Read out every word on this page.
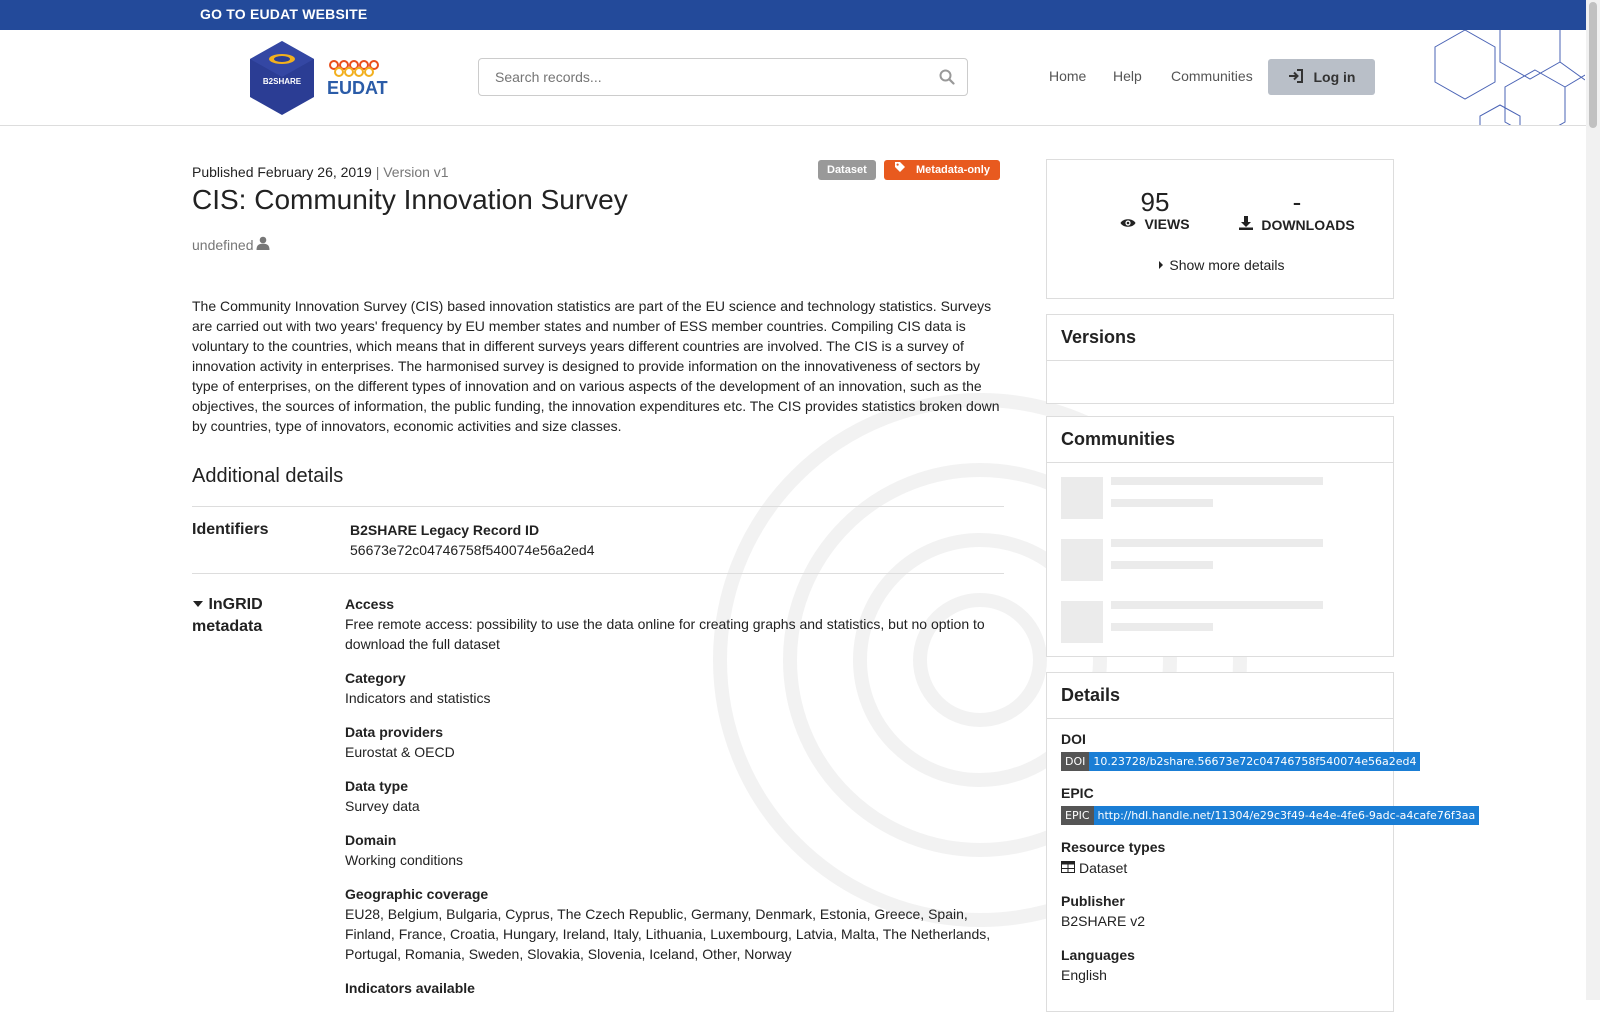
GO TO EUDAT WEBSITE
B2SHARE EUDAT
Search records...
Home Help Communities	Log in
Published February 26, 2019 | Version v1	Dataset	Metadata-only
CIS: Community Innovation Survey
undefined

The Community Innovation Survey (CIS) based innovation statistics are part of the EU science and technology statistics. Surveys are carried out with two years' frequency by EU member states and number of ESS member countries. Compiling CIS data is voluntary to the countries, which means that in different surveys years different countries are involved. The CIS is a survey of innovation activity in enterprises. The harmonised survey is designed to provide information on the innovativeness of sectors by type of enterprises, on the different types of innovation and on various aspects of the development of an innovation, such as the objectives, the sources of information, the public funding, the innovation expenditures etc. The CIS provides statistics broken down by countries, type of innovators, economic activities and size classes.

Additional details
Identifiers	B2SHARE Legacy Record ID
56673e72c04746758f540074e56a2ed4
InGRID metadata
Access
Free remote access: possibility to use the data online for creating graphs and statistics, but no option to download the full dataset
Category
Indicators and statistics
Data providers
Eurostat & OECD
Data type
Survey data
Domain
Working conditions
Geographic coverage
EU28, Belgium, Bulgaria, Cyprus, The Czech Republic, Germany, Denmark, Estonia, Greece, Spain, Finland, France, Croatia, Hungary, Ireland, Italy, Lithuania, Luxembourg, Latvia, Malta, The Netherlands, Portugal, Romania, Sweden, Slovakia, Slovenia, Iceland, Other, Norway
Indicators available
95
VIEWS
-
DOWNLOADS
Show more details
Versions
Communities
Details
DOI
DOI 10.23728/b2share.56673e72c04746758f540074e56a2ed4
EPIC
EPIC http://hdl.handle.net/11304/e29c3f49-4e4e-4fe6-9adc-a4cafe76f3aa
Resource types
Dataset
Publisher
B2SHARE v2
Languages
English
